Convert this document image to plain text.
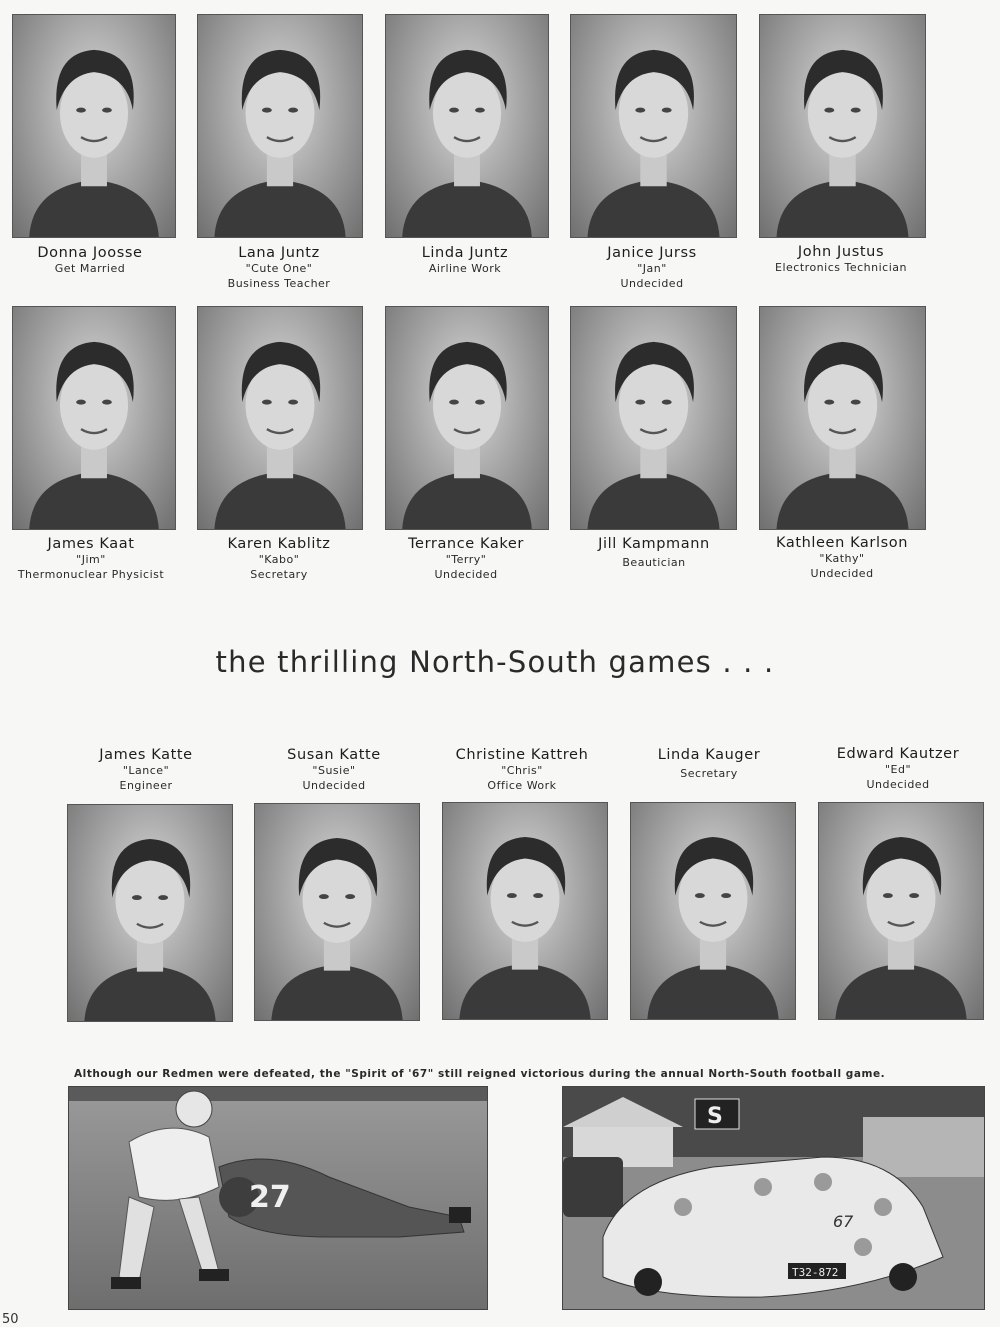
Donna Joosse
Get Married
Lana Juntz
"Cute One"
Business Teacher
Linda Juntz
Airline Work
Janice Jurss
"Jan"
Undecided
John Justus
Electronics Technician
James Kaat
"Jim"
Thermonuclear Physicist
Karen Kablitz
"Kabo"
Secretary
Terrance Kaker
"Terry"
Undecided
Jill Kampmann
Beautician
Kathleen Karlson
"Kathy"
Undecided
the thrilling North-South games . . .
James Katte
"Lance"
Engineer
Susan Katte
"Susie"
Undecided
Christine Kattreh
"Chris"
Office Work
Linda Kauger
Secretary
Edward Kautzer
"Ed"
Undecided
Although our Redmen were defeated, the "Spirit of '67" still reigned victorious during the annual North-South football game.
27
S
67
T32-872
50
